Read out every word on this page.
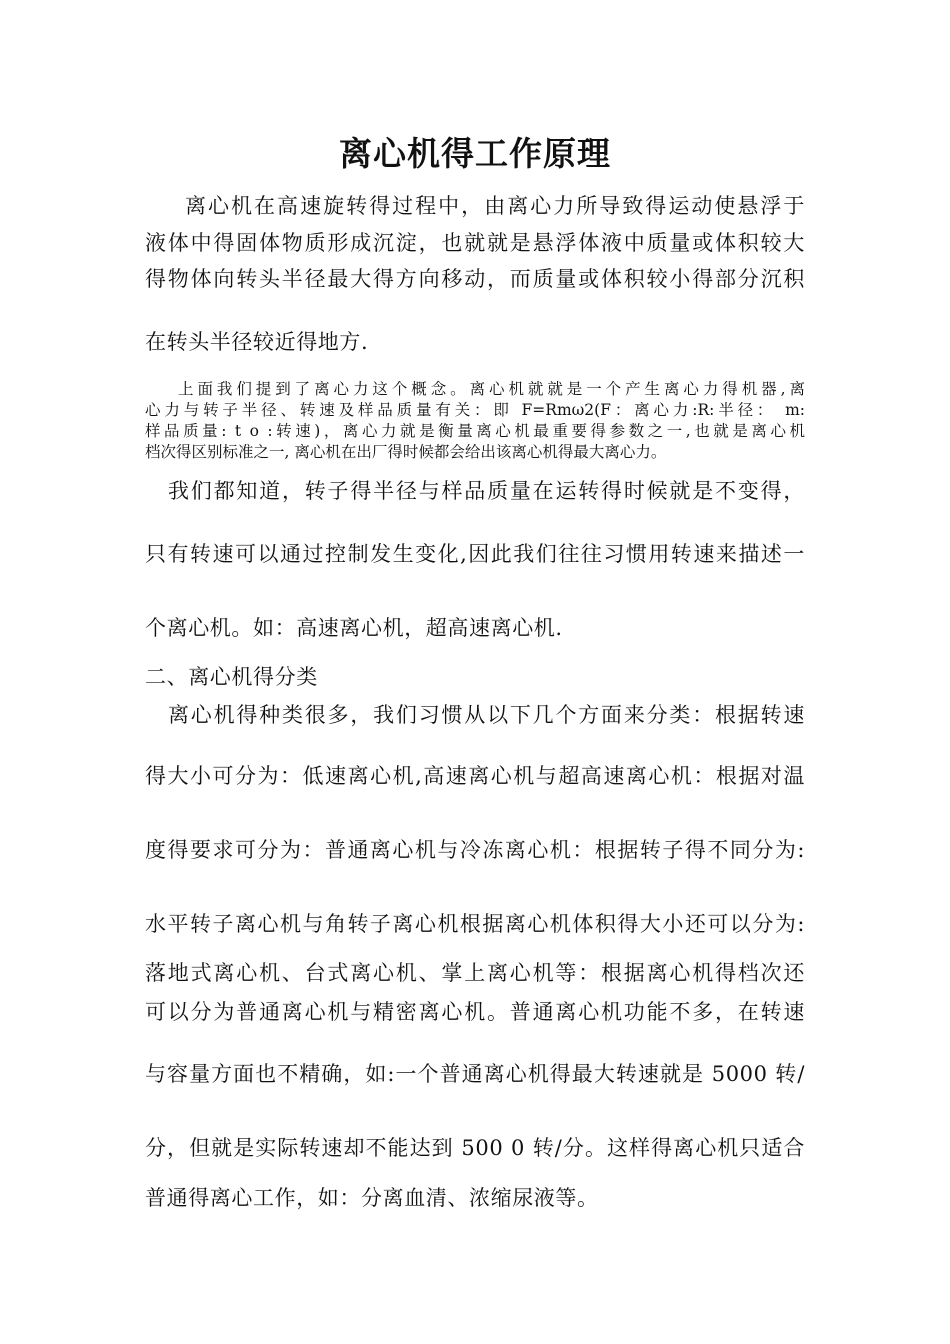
离心机得工作原理
离心机在高速旋转得过程中，由离心力所导致得运动使悬浮于
液体中得固体物质形成沉淀，也就就是悬浮体液中质量或体积较大
得物体向转头半径最大得方向移动，而质量或体积较小得部分沉积
在转头半径较近得地方.
上面我们提到了离心力这个概念。离心机就就是一个产生离心力得机器,离
心力与转子半径、转速及样品质量有关：即 F=Rmω2(F：离心力:R:半径： m:
样品质量: t o :转速)，离心力就是衡量离心机最重要得参数之一,也就是离心机
档次得区别标准之一, 离心机在出厂得时候都会给出该离心机得最大离心力。
我们都知道，转子得半径与样品质量在运转得时候就是不变得，
只有转速可以通过控制发生变化,因此我们往往习惯用转速来描述一
个离心机。如：高速离心机，超高速离心机.
二、离心机得分类
离心机得种类很多，我们习惯从以下几个方面来分类：根据转速
得大小可分为：低速离心机,高速离心机与超高速离心机：根据对温
度得要求可分为：普通离心机与冷冻离心机：根据转子得不同分为:
水平转子离心机与角转子离心机根据离心机体积得大小还可以分为:
落地式离心机、台式离心机、掌上离心机等：根据离心机得档次还
可以分为普通离心机与精密离心机。普通离心机功能不多，在转速
与容量方面也不精确，如:一个普通离心机得最大转速就是 5000 转/
分，但就是实际转速却不能达到 500 0 转/分。这样得离心机只适合
普通得离心工作，如：分离血清、浓缩尿液等。
